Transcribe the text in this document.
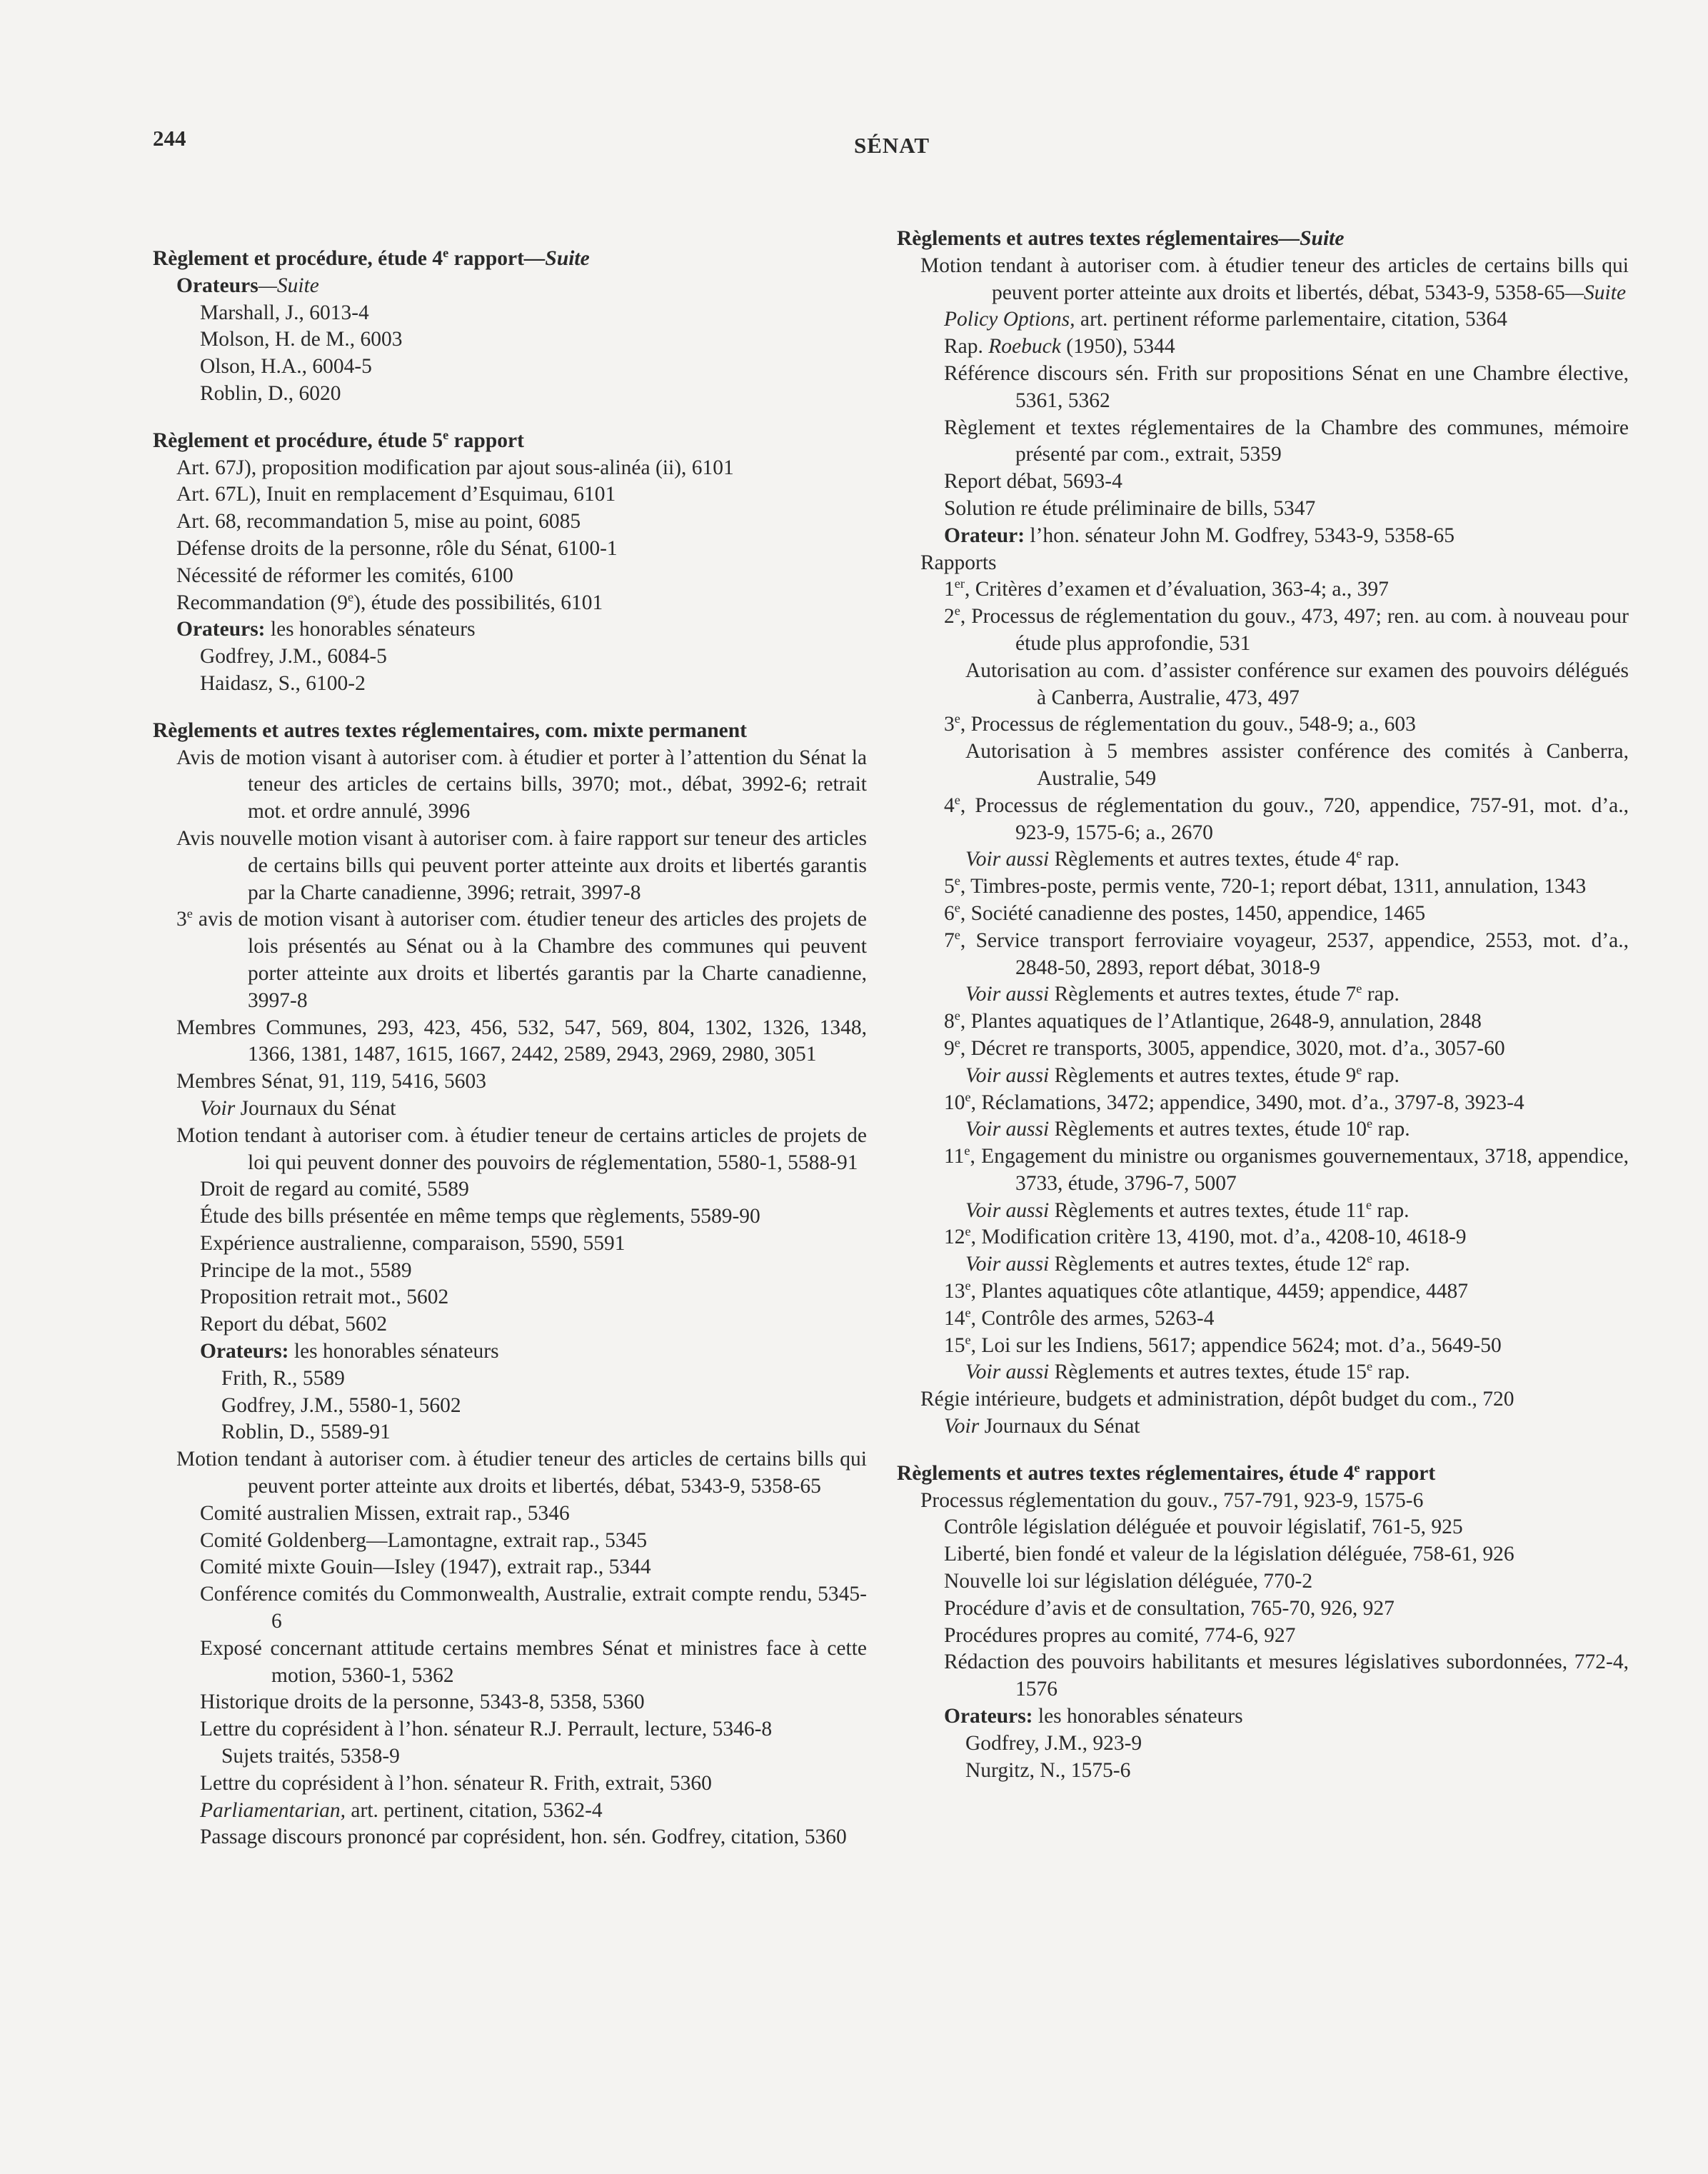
244	SÉNAT
Règlement et procédure, étude 4e rapport—Suite
Orateurs—Suite
Marshall, J., 6013-4
Molson, H. de M., 6003
Olson, H.A., 6004-5
Roblin, D., 6020
Règlement et procédure, étude 5e rapport
Art. 67J), proposition modification par ajout sous-alinéa (ii), 6101
Art. 67L), Inuit en remplacement d’Esquimau, 6101
Art. 68, recommandation 5, mise au point, 6085
Défense droits de la personne, rôle du Sénat, 6100-1
Nécessité de réformer les comités, 6100
Recommandation (9e), étude des possibilités, 6101
Orateurs: les honorables sénateurs
Godfrey, J.M., 6084-5
Haidasz, S., 6100-2
Règlements et autres textes réglementaires, com. mixte permanent
Avis de motion visant à autoriser com. à étudier et porter à l’attention du Sénat la teneur des articles de certains bills, 3970; mot., débat, 3992-6; retrait mot. et ordre annulé, 3996
Avis nouvelle motion visant à autoriser com. à faire rapport sur teneur des articles de certains bills qui peuvent porter atteinte aux droits et libertés garantis par la Charte canadienne, 3996; retrait, 3997-8
3e avis de motion visant à autoriser com. étudier teneur des articles des projets de lois présentés au Sénat ou à la Chambre des communes qui peuvent porter atteinte aux droits et libertés garantis par la Charte canadienne, 3997-8
Membres Communes, 293, 423, 456, 532, 547, 569, 804, 1302, 1326, 1348, 1366, 1381, 1487, 1615, 1667, 2442, 2589, 2943, 2969, 2980, 3051
Membres Sénat, 91, 119, 5416, 5603
Voir Journaux du Sénat
Motion tendant à autoriser com. à étudier teneur de certains articles de projets de loi qui peuvent donner des pouvoirs de réglementation, 5580-1, 5588-91
Droit de regard au comité, 5589
Étude des bills présentée en même temps que règlements, 5589-90
Expérience australienne, comparaison, 5590, 5591
Principe de la mot., 5589
Proposition retrait mot., 5602
Report du débat, 5602
Orateurs: les honorables sénateurs
Frith, R., 5589
Godfrey, J.M., 5580-1, 5602
Roblin, D., 5589-91
Motion tendant à autoriser com. à étudier teneur des articles de certains bills qui peuvent porter atteinte aux droits et libertés, débat, 5343-9, 5358-65
Comité australien Missen, extrait rap., 5346
Comité Goldenberg—Lamontagne, extrait rap., 5345
Comité mixte Gouin—Isley (1947), extrait rap., 5344
Conférence comités du Commonwealth, Australie, extrait compte rendu, 5345-6
Exposé concernant attitude certains membres Sénat et ministres face à cette motion, 5360-1, 5362
Historique droits de la personne, 5343-8, 5358, 5360
Lettre du coprésident à l’hon. sénateur R.J. Perrault, lecture, 5346-8
Sujets traités, 5358-9
Lettre du coprésident à l’hon. sénateur R. Frith, extrait, 5360
Parliamentarian, art. pertinent, citation, 5362-4
Passage discours prononcé par coprésident, hon. sén. Godfrey, citation, 5360
Règlements et autres textes réglementaires—Suite
Motion tendant à autoriser com. à étudier teneur des articles de certains bills qui peuvent porter atteinte aux droits et libertés, débat, 5343-9, 5358-65—Suite
Policy Options, art. pertinent réforme parlementaire, citation, 5364
Rap. Roebuck (1950), 5344
Référence discours sén. Frith sur propositions Sénat en une Chambre élective, 5361, 5362
Règlement et textes réglementaires de la Chambre des communes, mémoire présenté par com., extrait, 5359
Report débat, 5693-4
Solution re étude préliminaire de bills, 5347
Orateur: l’hon. sénateur John M. Godfrey, 5343-9, 5358-65
Rapports
1er, Critères d’examen et d’évaluation, 363-4; a., 397
2e, Processus de réglementation du gouv., 473, 497; ren. au com. à nouveau pour étude plus approfondie, 531
Autorisation au com. d’assister conférence sur examen des pouvoirs délégués à Canberra, Australie, 473, 497
3e, Processus de réglementation du gouv., 548-9; a., 603
Autorisation à 5 membres assister conférence des comités à Canberra, Australie, 549
4e, Processus de réglementation du gouv., 720, appendice, 757-91, mot. d’a., 923-9, 1575-6; a., 2670
Voir aussi Règlements et autres textes, étude 4e rap.
5e, Timbres-poste, permis vente, 720-1; report débat, 1311, annulation, 1343
6e, Société canadienne des postes, 1450, appendice, 1465
7e, Service transport ferroviaire voyageur, 2537, appendice, 2553, mot. d’a., 2848-50, 2893, report débat, 3018-9
Voir aussi Règlements et autres textes, étude 7e rap.
8e, Plantes aquatiques de l’Atlantique, 2648-9, annulation, 2848
9e, Décret re transports, 3005, appendice, 3020, mot. d’a., 3057-60
Voir aussi Règlements et autres textes, étude 9e rap.
10e, Réclamations, 3472; appendice, 3490, mot. d’a., 3797-8, 3923-4
Voir aussi Règlements et autres textes, étude 10e rap.
11e, Engagement du ministre ou organismes gouvernementaux, 3718, appendice, 3733, étude, 3796-7, 5007
Voir aussi Règlements et autres textes, étude 11e rap.
12e, Modification critère 13, 4190, mot. d’a., 4208-10, 4618-9
Voir aussi Règlements et autres textes, étude 12e rap.
13e, Plantes aquatiques côte atlantique, 4459; appendice, 4487
14e, Contrôle des armes, 5263-4
15e, Loi sur les Indiens, 5617; appendice 5624; mot. d’a., 5649-50
Voir aussi Règlements et autres textes, étude 15e rap.
Régie intérieure, budgets et administration, dépôt budget du com., 720
Voir Journaux du Sénat
Règlements et autres textes réglementaires, étude 4e rapport
Processus réglementation du gouv., 757-791, 923-9, 1575-6
Contrôle législation déléguée et pouvoir législatif, 761-5, 925
Liberté, bien fondé et valeur de la législation déléguée, 758-61, 926
Nouvelle loi sur législation déléguée, 770-2
Procédure d’avis et de consultation, 765-70, 926, 927
Procédures propres au comité, 774-6, 927
Rédaction des pouvoirs habilitants et mesures législatives subordonnées, 772-4, 1576
Orateurs: les honorables sénateurs
Godfrey, J.M., 923-9
Nurgitz, N., 1575-6
